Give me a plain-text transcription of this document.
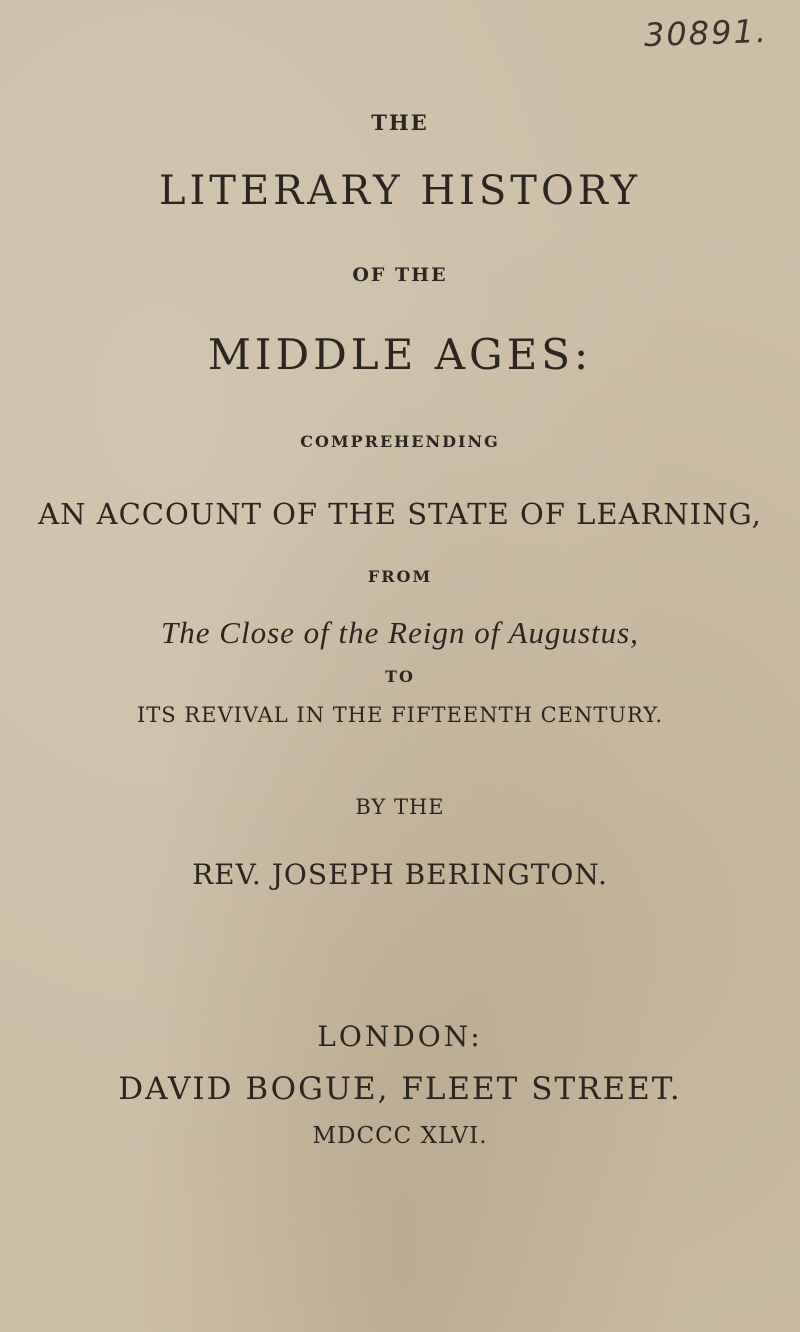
30891.
THE
LITERARY HISTORY
OF THE
MIDDLE AGES:
COMPREHENDING
AN ACCOUNT OF THE STATE OF LEARNING,
FROM
The Close of the Reign of Augustus,
TO
ITS REVIVAL IN THE FIFTEENTH CENTURY.
BY THE
REV. JOSEPH BERINGTON.
LONDON:
DAVID BOGUE, FLEET STREET.
MDCCC XLVI.
